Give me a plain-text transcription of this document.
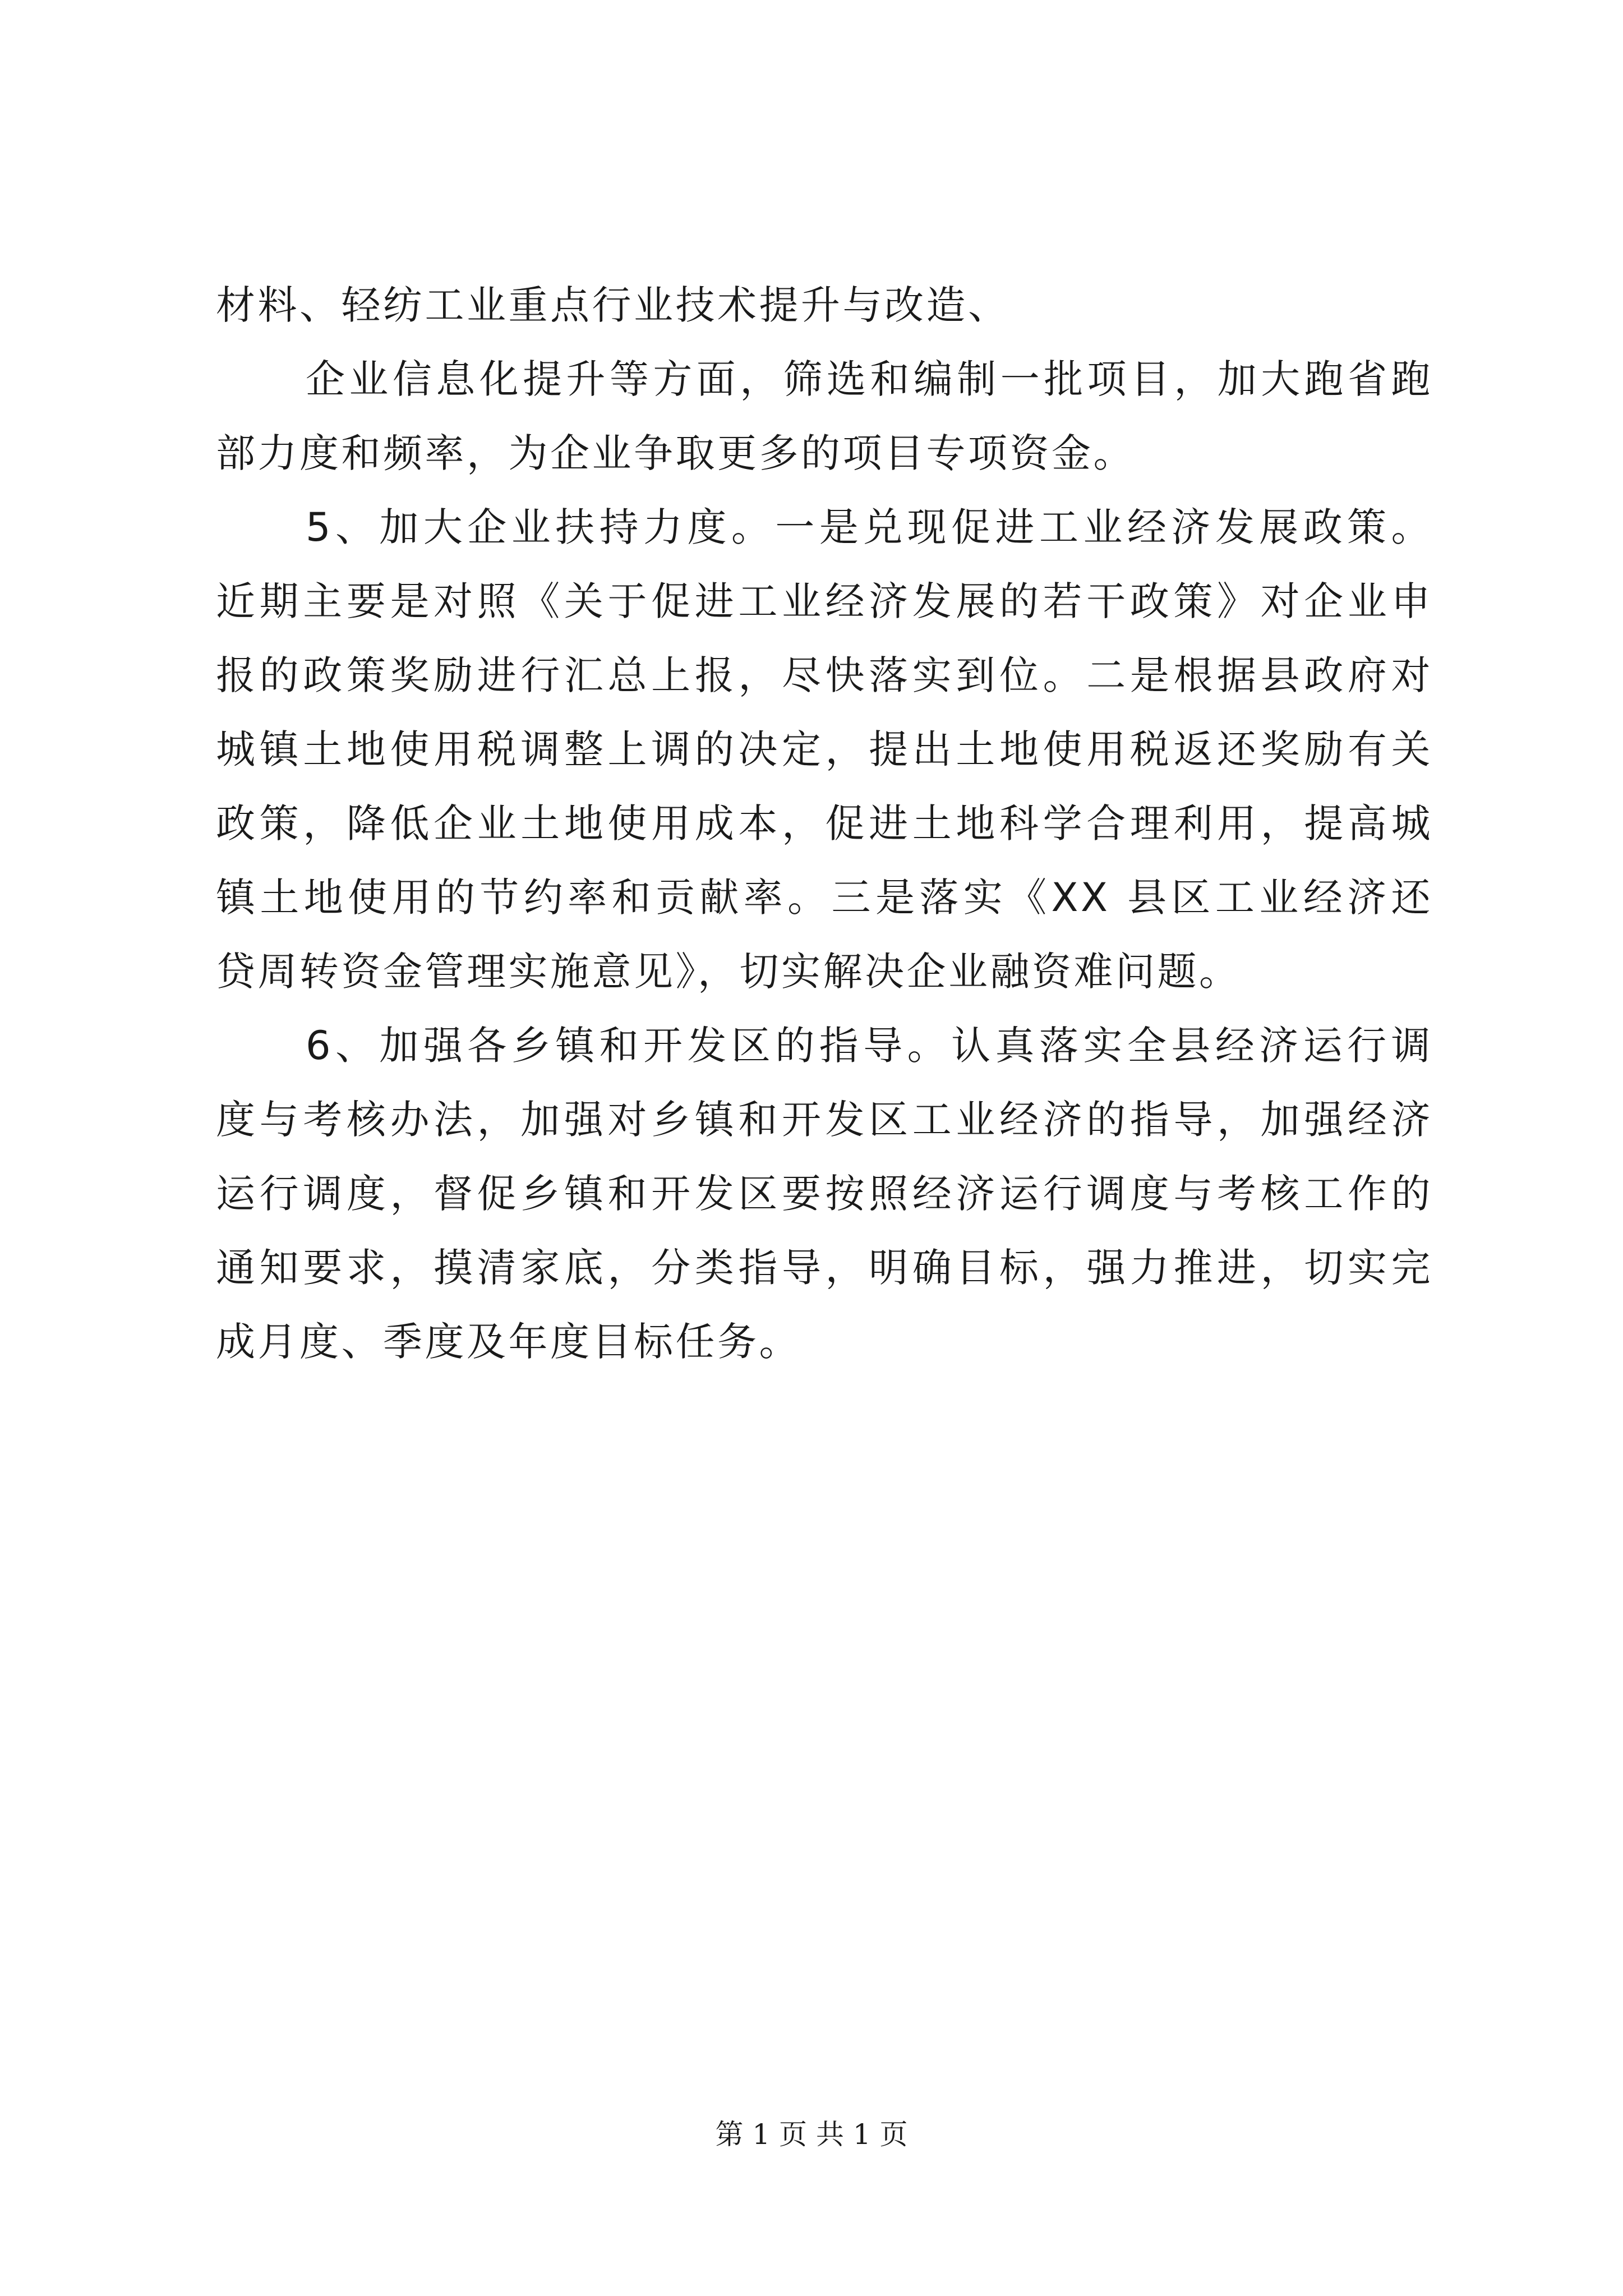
材料、轻纺工业重点行业技术提升与改造、
企业信息化提升等方面，筛选和编制一批项目，加大跑省跑
部力度和频率，为企业争取更多的项目专项资金。
5、加大企业扶持力度。一是兑现促进工业经济发展政策。
近期主要是对照《关于促进工业经济发展的若干政策》对企业申
报的政策奖励进行汇总上报，尽快落实到位。二是根据县政府对
城镇土地使用税调整上调的决定，提出土地使用税返还奖励有关
政策，降低企业土地使用成本，促进土地科学合理利用，提高城
镇土地使用的节约率和贡献率。三是落实《XX 县区工业经济还
贷周转资金管理实施意见》，切实解决企业融资难问题。
6、加强各乡镇和开发区的指导。认真落实全县经济运行调
度与考核办法，加强对乡镇和开发区工业经济的指导，加强经济
运行调度，督促乡镇和开发区要按照经济运行调度与考核工作的
通知要求，摸清家底，分类指导，明确目标，强力推进，切实完
成月度、季度及年度目标任务。
第 1 页 共 1 页
